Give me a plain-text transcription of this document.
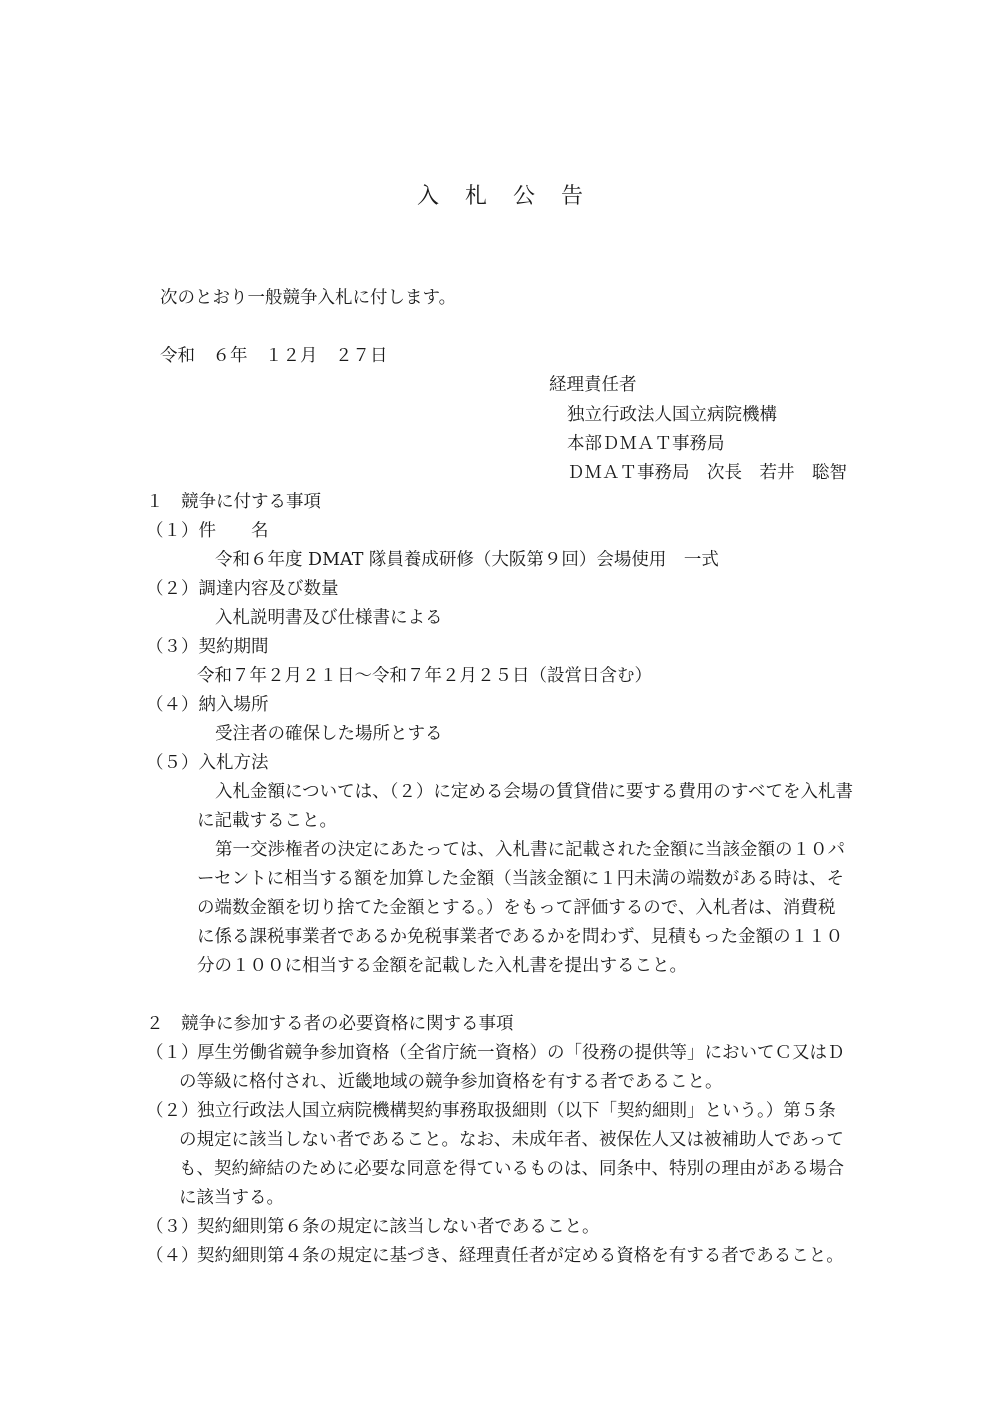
入札公告
次のとおり一般競争入札に付します。
令和　６年　１２月　２７日
経理責任者
独立行政法人国立病院機構
本部ＤＭＡＴ事務局
ＤＭＡＴ事務局　次長　若井　聡智
１　競争に付する事項
（１）件　　名
令和６年度 DMAT 隊員養成研修（大阪第９回）会場使用　一式
（２）調達内容及び数量
入札説明書及び仕様書による
（３）契約期間
令和７年２月２１日～令和７年２月２５日（設営日含む）
（４）納入場所
受注者の確保した場所とする
（５）入札方法
入札金額については、（２）に定める会場の賃貸借に要する費用のすべてを入札書
に記載すること。
第一交渉権者の決定にあたっては、入札書に記載された金額に当該金額の１０パ
ーセントに相当する額を加算した金額（当該金額に１円未満の端数がある時は、そ
の端数金額を切り捨てた金額とする。）をもって評価するので、入札者は、消費税
に係る課税事業者であるか免税事業者であるかを問わず、見積もった金額の１１０
分の１００に相当する金額を記載した入札書を提出すること。
２　競争に参加する者の必要資格に関する事項
（１）
厚生労働省競争参加資格（全省庁統一資格）の「役務の提供等」においてＣ又はＤ
の等級に格付され、近畿地域の競争参加資格を有する者であること。
（２）
独立行政法人国立病院機構契約事務取扱細則（以下「契約細則」という。）第５条
の規定に該当しない者であること。なお、未成年者、被保佐人又は被補助人であって
も、契約締結のために必要な同意を得ているものは、同条中、特別の理由がある場合
に該当する。
（３）
契約細則第６条の規定に該当しない者であること。
（４）
契約細則第４条の規定に基づき、経理責任者が定める資格を有する者であること。
